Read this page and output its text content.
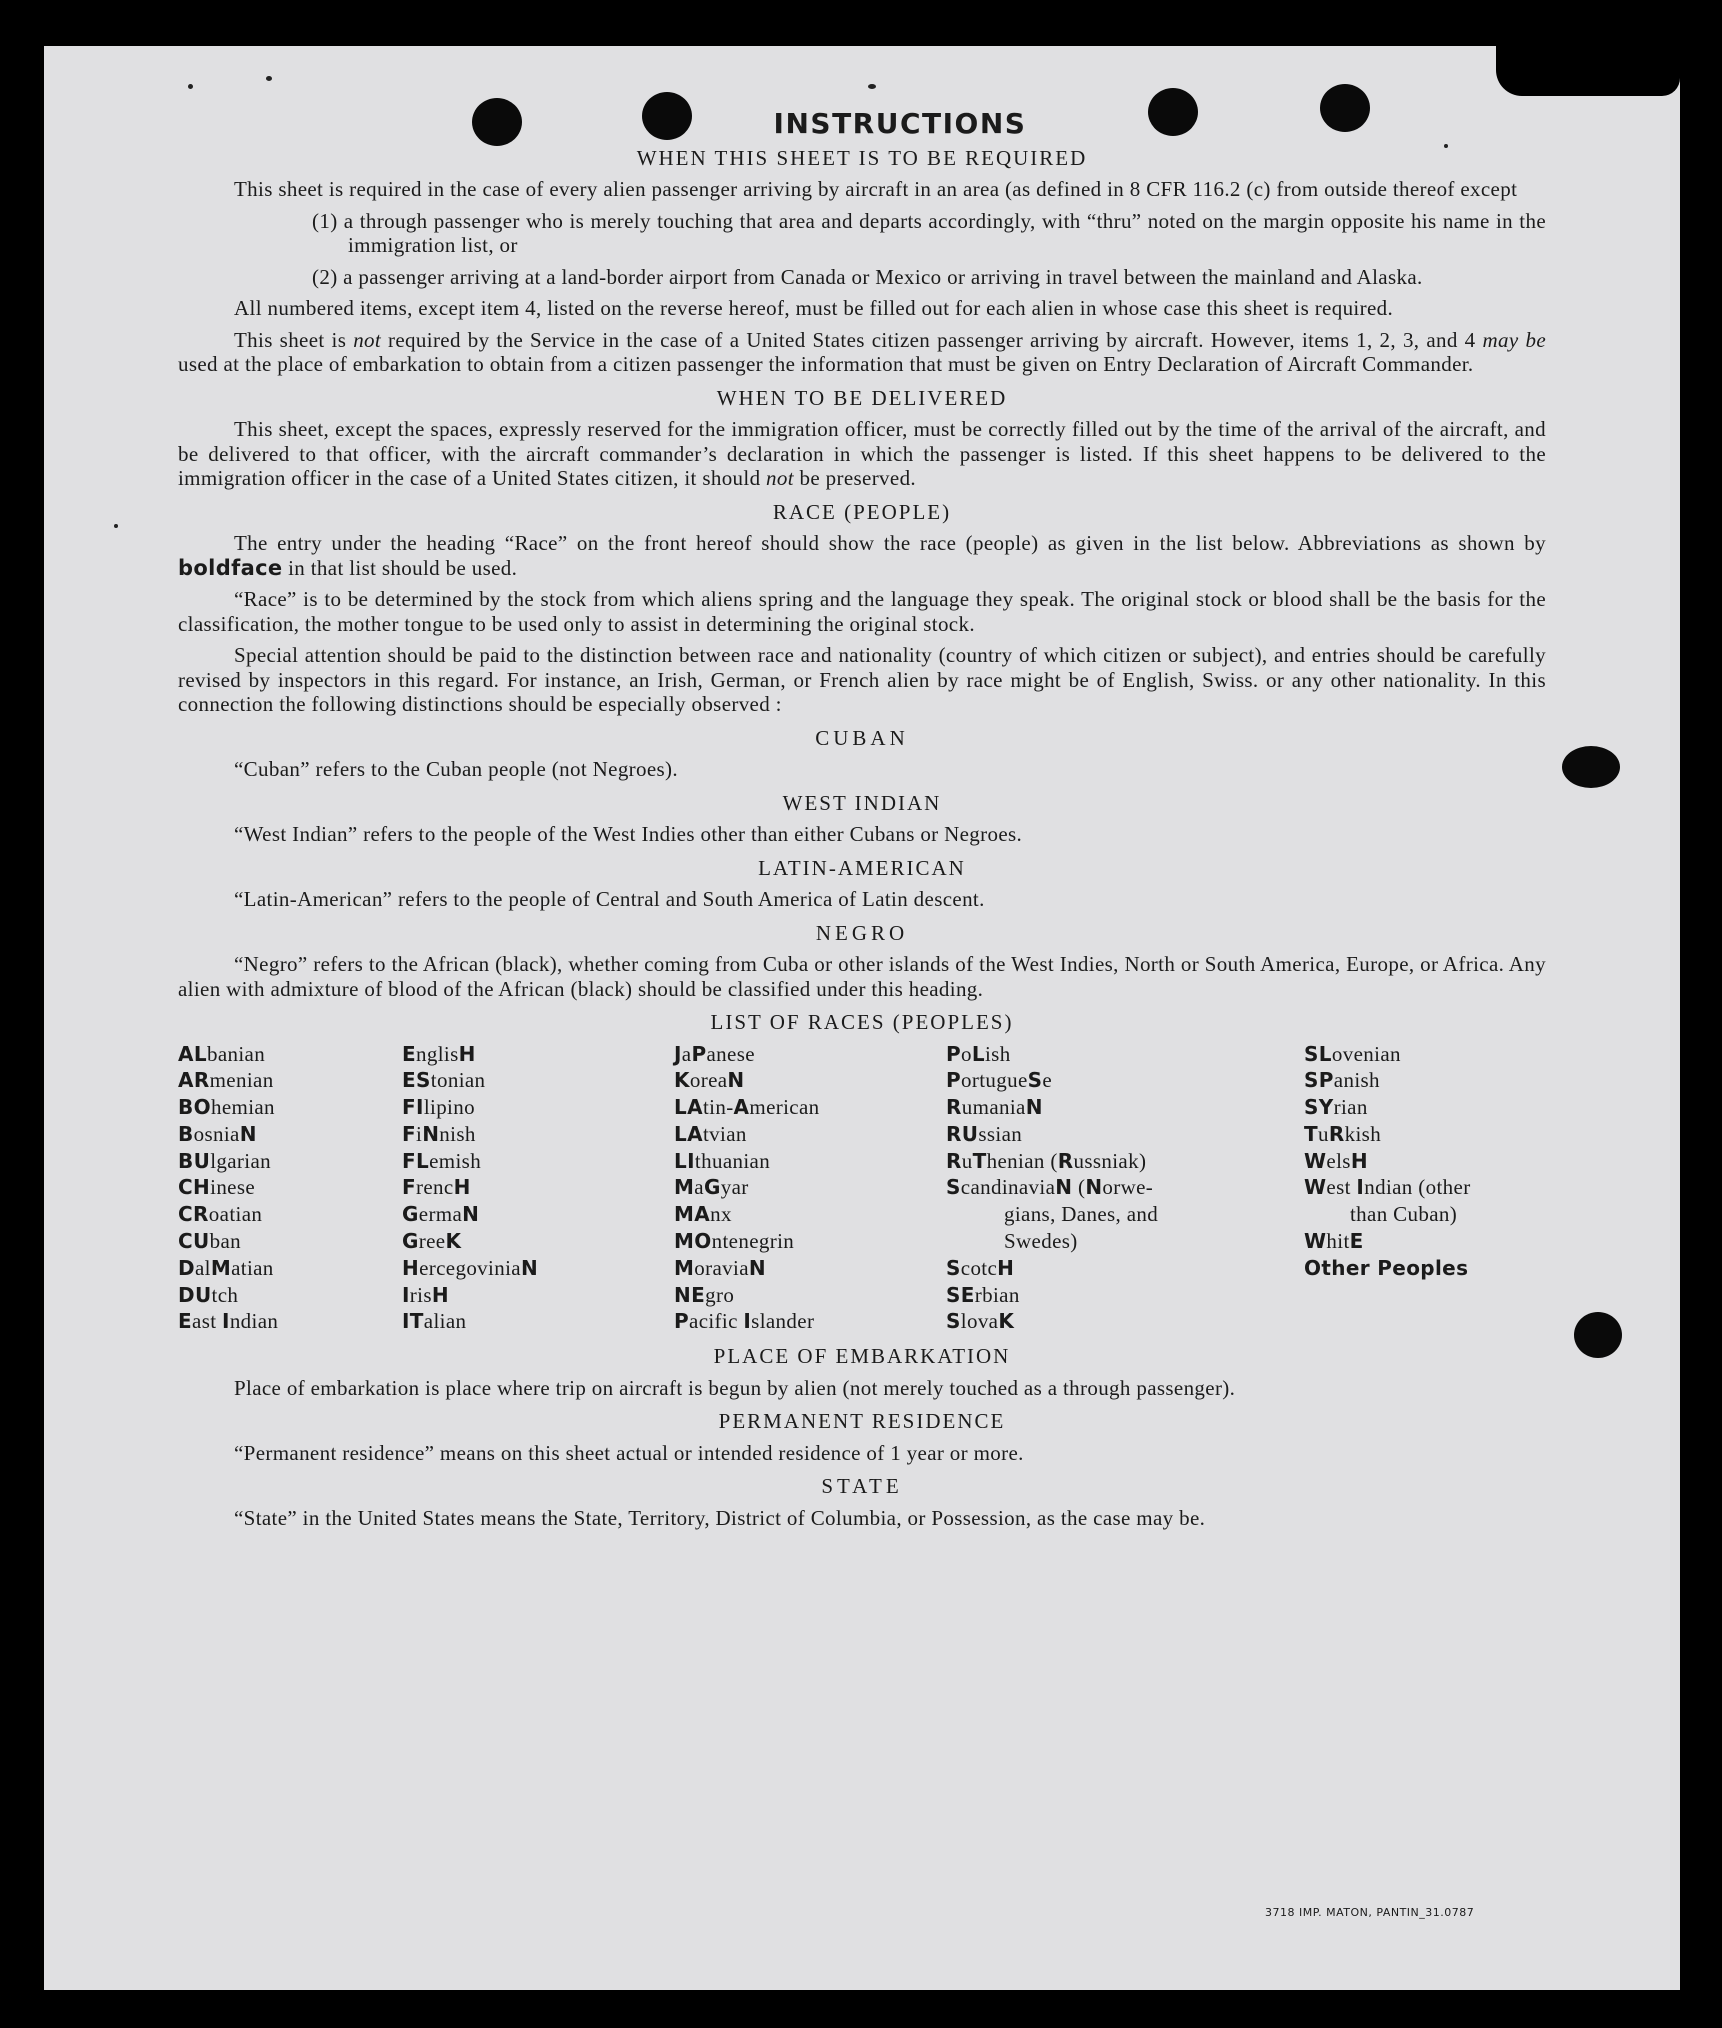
INSTRUCTIONS
WHEN THIS SHEET IS TO BE REQUIRED

This sheet is required in the case of every alien passenger arriving by aircraft in an area (as defined in 8 CFR 116.2 (c) from outside thereof except

(1) a through passenger who is merely touching that area and departs accordingly, with “thru” noted on the margin opposite his name in the immigration list, or

(2) a passenger arriving at a land-border airport from Canada or Mexico or arriving in travel between the mainland and Alaska.

All numbered items, except item 4, listed on the reverse hereof, must be filled out for each alien in whose case this sheet is required.

This sheet is not required by the Service in the case of a United States citizen passenger arriving by aircraft. However, items 1, 2, 3, and 4 may be used at the place of embarkation to obtain from a citizen passenger the information that must be given on Entry Declaration of Aircraft Commander.

WHEN TO BE DELIVERED

This sheet, except the spaces, expressly reserved for the immigration officer, must be correctly filled out by the time of the arrival of the aircraft, and be delivered to that officer, with the aircraft commander’s declaration in which the passenger is listed. If this sheet happens to be delivered to the immigration officer in the case of a United States citizen, it should not be preserved.

RACE (PEOPLE)

The entry under the heading “Race” on the front hereof should show the race (people) as given in the list below. Abbreviations as shown by boldface in that list should be used.

“Race” is to be determined by the stock from which aliens spring and the language they speak. The original stock or blood shall be the basis for the classification, the mother tongue to be used only to assist in determining the original stock.

Special attention should be paid to the distinction between race and nationality (country of which citizen or subject), and entries should be carefully revised by inspectors in this regard. For instance, an Irish, German, or French alien by race might be of English, Swiss. or any other nationality. In this connection the following distinctions should be especially observed :

CUBAN

“Cuban” refers to the Cuban people (not Negroes).

WEST INDIAN

“West Indian” refers to the people of the West Indies other than either Cubans or Negroes.

LATIN-AMERICAN

“Latin-American” refers to the people of Central and South America of Latin descent.

NEGRO

“Negro” refers to the African (black), whether coming from Cuba or other islands of the West Indies, North or South America, Europe, or Africa. Any alien with admixture of blood of the African (black) should be classified under this heading.

LIST OF RACES (PEOPLES)
ALbanian
ARmenian
BOhemian
BosniaN
BUlgarian
CHinese
CRoatian
CUban
DalMatian
DUtch
East Indian
EnglisH
EStonian
FIlipino
FiNnish
FLemish
FrencH
GermaN
GreeK
HercegoviniaN
IrisH
ITalian
JaPanese
KoreaN
LAtin-American
LAtvian
LIthuanian
MaGyar
MAnx
MOntenegrin
MoraviaN
NEgro
Pacific Islander
PoLish
PortugueSe
RumaniaN
RUssian
RuThenian (Russniak)
ScandinaviaN (Norwe-
gians, Danes, and
Swedes)
ScotcH
SErbian
SlovaK
SLovenian
SPanish
SYrian
TuRkish
WelsH
West Indian (other
than Cuban)
WhitE
Other Peoples
PLACE OF EMBARKATION

Place of embarkation is place where trip on aircraft is begun by alien (not merely touched as a through passenger).

PERMANENT RESIDENCE

“Permanent residence” means on this sheet actual or intended residence of 1 year or more.

STATE

“State” in the United States means the State, Territory, District of Columbia, or Possession, as the case may be.

3718 IMP. MATON, PANTIN_31.0787
